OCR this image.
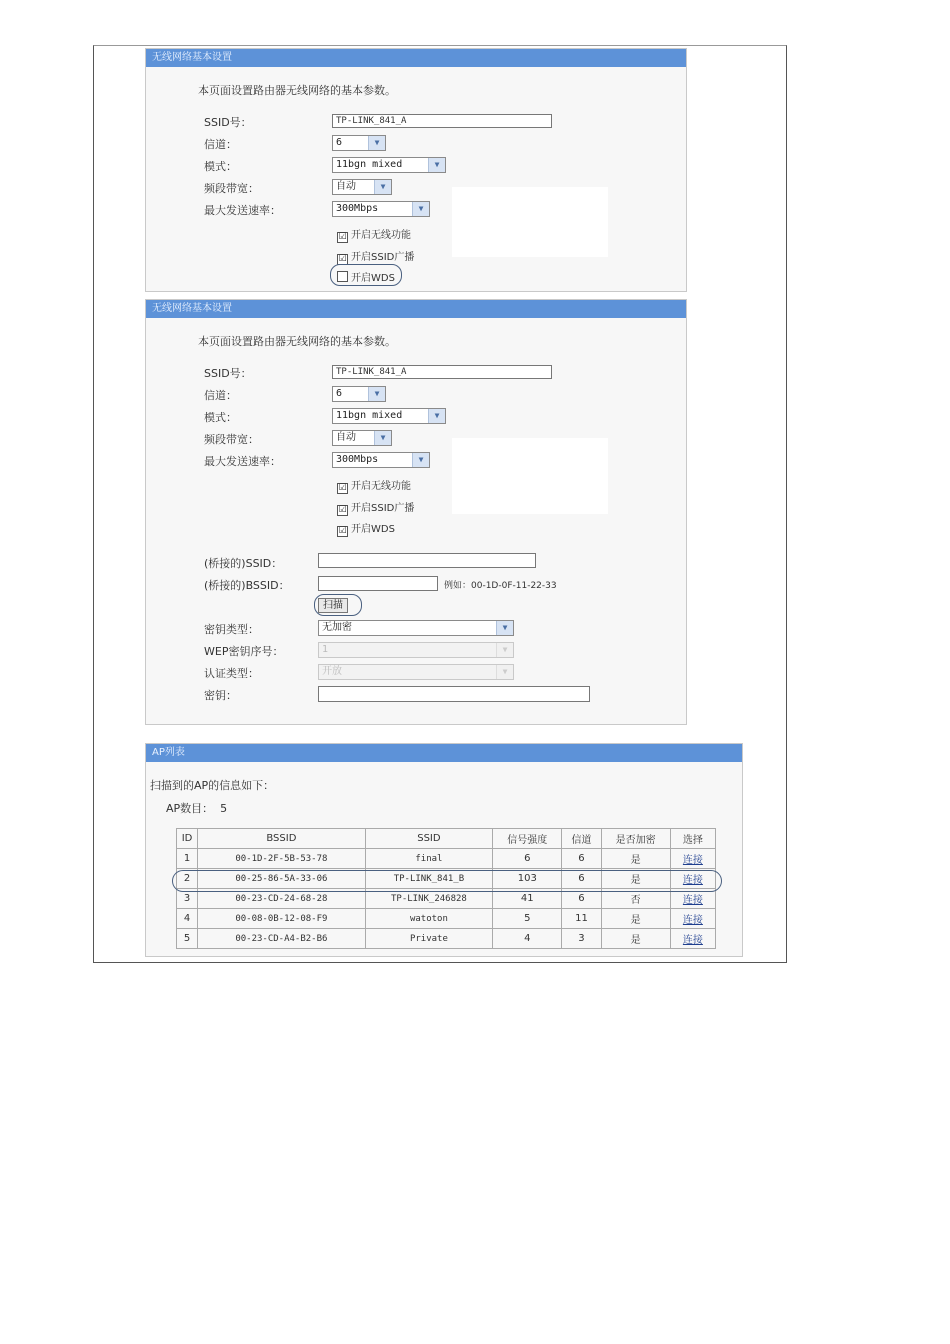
无线网络基本设置
本页面设置路由器无线网络的基本参数。
SSID号：	TP-LINK_841_A
信道：	6	▼
模式：	11bgn mixed	▼
频段带宽：	自动	▼
最大发送速率：	300Mbps	▼
☑ 开启无线功能
☑ 开启SSID广播
开启WDS
无线网络基本设置
本页面设置路由器无线网络的基本参数。
SSID号：	TP-LINK_841_A
信道：	6	▼
模式：	11bgn mixed	▼
频段带宽：	自动	▼
最大发送速率：	300Mbps	▼
☑ 开启无线功能
☑ 开启SSID广播
☑ 开启WDS
(桥接的)SSID：
(桥接的)BSSID：	例如：00-1D-0F-11-22-33
扫描
密钥类型：	无加密	▼
WEP密钥序号：	1	▼
认证类型：	开放	▼
密钥：
AP列表
扫描到的AP的信息如下：
AP数目： 5
ID	BSSID	SSID	信号强度	信道	是否加密	选择
1	00-1D-2F-5B-53-78	final	6	6	是	连接
2	00-25-86-5A-33-06	TP-LINK_841_B	103	6	是	连接
3	00-23-CD-24-68-28	TP-LINK_246828	41	6	否	连接
4	00-08-0B-12-08-F9	watoton	5	11	是	连接
5	00-23-CD-A4-B2-B6	Private	4	3	是	连接
